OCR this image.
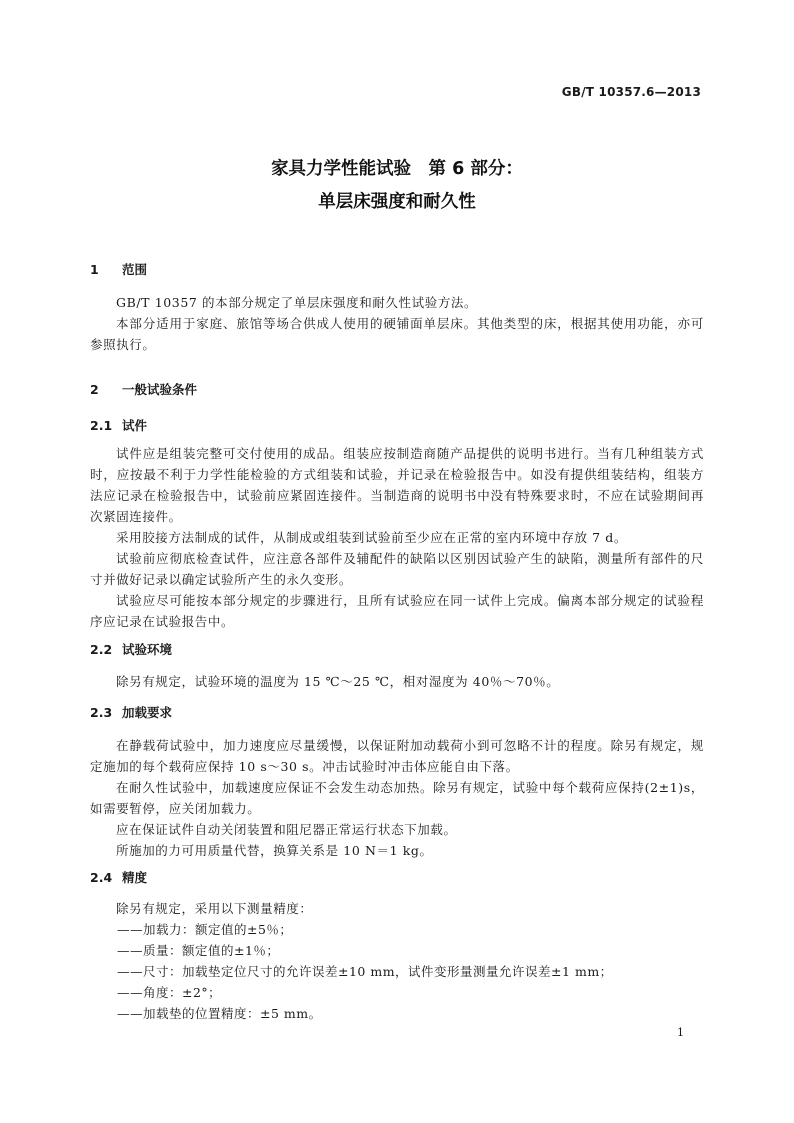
GB/T 10357.6—2013
家具力学性能试验　第 6 部分：
单层床强度和耐久性
1 范围
GB/T 10357 的本部分规定了单层床强度和耐久性试验方法。
本部分适用于家庭、旅馆等场合供成人使用的硬铺面单层床。其他类型的床，根据其使用功能，亦可参照执行。
2 一般试验条件
2.1 试件
试件应是组装完整可交付使用的成品。组装应按制造商随产品提供的说明书进行。当有几种组装方式时，应按最不利于力学性能检验的方式组装和试验，并记录在检验报告中。如没有提供组装结构，组装方法应记录在检验报告中，试验前应紧固连接件。当制造商的说明书中没有特殊要求时，不应在试验期间再次紧固连接件。
采用胶接方法制成的试件，从制成或组装到试验前至少应在正常的室内环境中存放 7 d。
试验前应彻底检查试件，应注意各部件及辅配件的缺陷以区别因试验产生的缺陷，测量所有部件的尺寸并做好记录以确定试验所产生的永久变形。
试验应尽可能按本部分规定的步骤进行，且所有试验应在同一试件上完成。偏离本部分规定的试验程序应记录在试验报告中。
2.2 试验环境
除另有规定，试验环境的温度为 15 ℃～25 ℃，相对湿度为 40％～70％。
2.3 加载要求
在静载荷试验中，加力速度应尽量缓慢，以保证附加动载荷小到可忽略不计的程度。除另有规定，规定施加的每个载荷应保持 10 s～30 s。冲击试验时冲击体应能自由下落。
在耐久性试验中，加载速度应保证不会发生动态加热。除另有规定，试验中每个载荷应保持(2±1)s，如需要暂停，应关闭加载力。
应在保证试件自动关闭装置和阻尼器正常运行状态下加载。
所施加的力可用质量代替，换算关系是 10 N＝1 kg。
2.4 精度
除另有规定，采用以下测量精度：
——加载力：额定值的±5％；
——质量：额定值的±1％；
——尺寸：加载垫定位尺寸的允许误差±10 mm，试件变形量测量允许误差±1 mm；
——角度：±2°；
——加载垫的位置精度：±5 mm。
1
